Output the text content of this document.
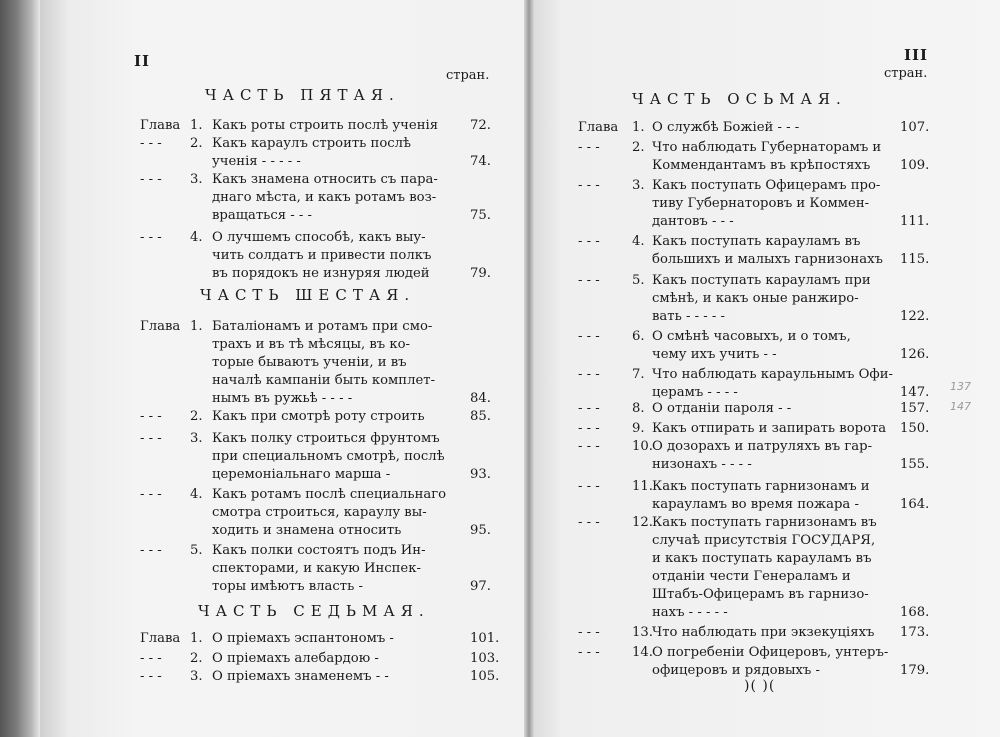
II
стран.
III
стран.
ЧАСТЬ ПЯТАЯ.
Глава 1. Какъ роты строить послѣ ученія 72.
- - - 2. Какъ караулъ строить послѣ
ученія - - - - -	74.
- - - 3. Какъ знамена относить съ пара-
днаго мѣста, и какъ ротамъ воз-
вращаться - - -	75.
- - - 4. О лучшемъ способѣ, какъ выу-
чить солдатъ и привести полкъ
въ порядокъ не изнуряя людей	79.
ЧАСТЬ ШЕСТАЯ.
Глава 1. Баталіонамъ и ротамъ при смо-
трахъ и въ тѣ мѣсяцы, въ ко-
торые бываютъ ученіи, и въ
началѣ кампаніи быть комплет-
нымъ въ ружьѣ - - - -	84.
- - - 2. Какъ при смотрѣ роту строить	85.
- - - 3. Какъ полку строиться фрунтомъ
при специальномъ смотрѣ, послѣ
церемоніальнаго марша -	93.
- - - 4. Какъ ротамъ послѣ специальнаго
смотра строиться, караулу вы-
ходить и знамена относить	95.
- - - 5. Какъ полки состоятъ подъ Ин-
спекторами, и какую Инспек-
торы имѣютъ власть -	97.
ЧАСТЬ СЕДЬМАЯ.
Глава 1. О пріемахъ эспантономъ -	101.
- - - 2. О пріемахъ алебардою -	103.
- - - 3. О пріемахъ знаменемъ - -	105.
ЧАСТЬ ОСЬМАЯ.
Глава 1. О службѣ Божіей - - -	107.
- - - 2. Что наблюдать Губернаторамъ и
Коммендантамъ въ крѣпостяхъ	109.
- - - 3. Какъ поступать Офицерамъ про-
тиву Губернаторовъ и Коммен-
дантовъ - - -	111.
- - - 4. Какъ поступать карауламъ въ
большихъ и малыхъ гарнизонахъ 115.
- - - 5. Какъ поступать карауламъ при
смѣнѣ, и какъ оные ранжиро-
вать - - - - -	122.
- - - 6. О смѣнѣ часовыхъ, и о томъ,
чему ихъ учить - -	126.
- - - 7. Что наблюдать караульнымъ Офи-
церамъ - - - -	147.
- - - 8. О отданіи пароля - -	157.
- - - 9. Какъ отпирать и запирать ворота 150.
- - - 10. О дозорахъ и патруляхъ въ гар-
низонахъ - - - -	155.
- - - 11. Какъ поступать гарнизонамъ и
карауламъ во время пожара -	164.
- - - 12. Какъ поступать гарнизонамъ въ
случаѣ присутствія ГОСУДАРЯ,
и какъ поступать карауламъ въ
отданіи чести Генераламъ и
Штабъ-Офицерамъ въ гарнизо-
нахъ - - - - -	168.
- - - 13. Что наблюдать при экзекуціяхъ 173.
- - - 14. О погребеніи Офицеровъ, унтеръ-
офицеровъ и рядовыхъ -	179.
)( )(
137
147
